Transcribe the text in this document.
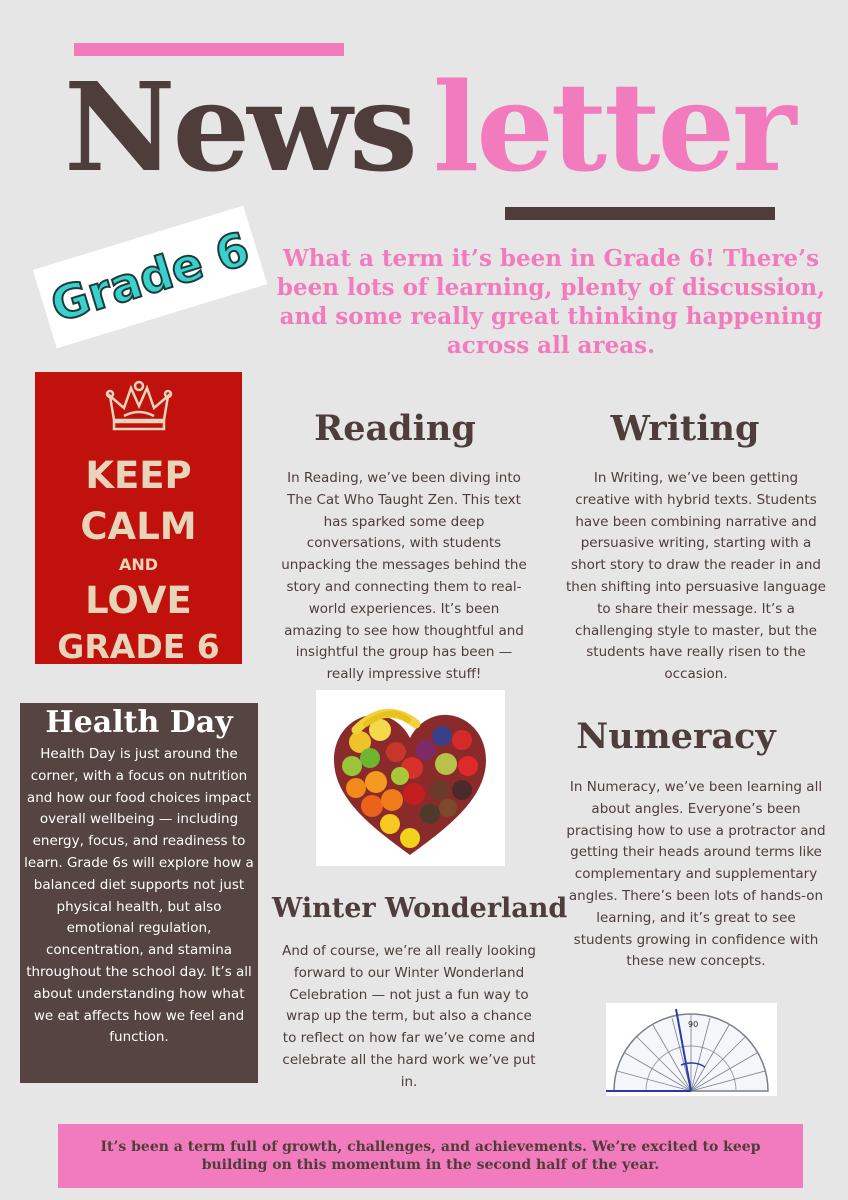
News letter
Grade 6 What a term it’s been in Grade 6! There’s been lots of learning, plenty of discussion, and some really great thinking happening across all areas.
KEEP
CALM
AND
LOVE
GRADE 6
Reading
In Reading, we’ve been diving into The Cat Who Taught Zen. This text has sparked some deep conversations, with students unpacking the messages behind the story and connecting them to real-world experiences. It’s been amazing to see how thoughtful and insightful the group has been — really impressive stuff!
Writing
In Writing, we’ve been getting creative with hybrid texts. Students have been combining narrative and persuasive writing, starting with a short story to draw the reader in and then shifting into persuasive language to share their message. It’s a challenging style to master, but the students have really risen to the occasion.
Health Day
Health Day is just around the corner, with a focus on nutrition and how our food choices impact overall wellbeing — including energy, focus, and readiness to learn. Grade 6s will explore how a balanced diet supports not just physical health, but also emotional regulation, concentration, and stamina throughout the school day. It’s all about understanding how what we eat affects how we feel and function.
Numeracy
In Numeracy, we’ve been learning all about angles. Everyone’s been practising how to use a protractor and getting their heads around terms like complementary and supplementary angles. There’s been lots of hands-on learning, and it’s great to see students growing in confidence with these new concepts.
Winter Wonderland
And of course, we’re all really looking forward to our Winter Wonderland Celebration — not just a fun way to wrap up the term, but also a chance to reflect on how far we’ve come and celebrate all the hard work we’ve put in.
90
It’s been a term full of growth, challenges, and achievements. We’re excited to keep building on this momentum in the second half of the year.
